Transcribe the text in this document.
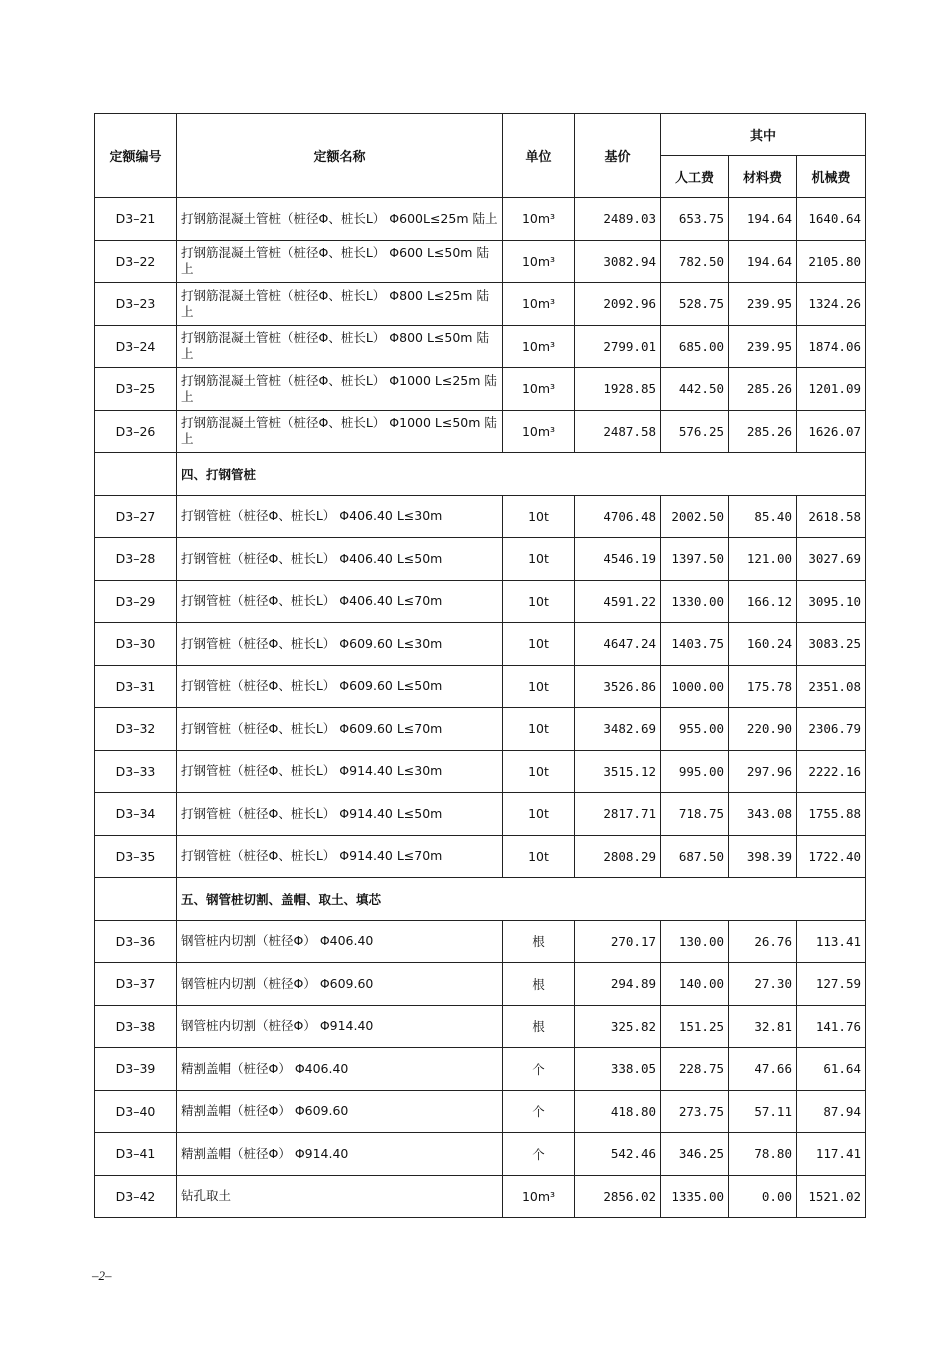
定额编号	定额名称	单位	基价	其中		
				人工费	材料费	机械费
D3–21	打钢筋混凝土管桩（桩径Φ、桩长L） Φ600L≤25m 陆上	10m³	2489.03	653.75	194.64	1640.64
D3–22	打钢筋混凝土管桩（桩径Φ、桩长L） Φ600 L≤50m 陆上	10m³	3082.94	782.50	194.64	2105.80
D3–23	打钢筋混凝土管桩（桩径Φ、桩长L） Φ800 L≤25m 陆上	10m³	2092.96	528.75	239.95	1324.26
D3–24	打钢筋混凝土管桩（桩径Φ、桩长L） Φ800 L≤50m 陆上	10m³	2799.01	685.00	239.95	1874.06
D3–25	打钢筋混凝土管桩（桩径Φ、桩长L） Φ1000 L≤25m 陆上	10m³	1928.85	442.50	285.26	1201.09
D3–26	打钢筋混凝土管桩（桩径Φ、桩长L） Φ1000 L≤50m 陆上	10m³	2487.58	576.25	285.26	1626.07
	四、打钢管桩					
D3–27	打钢管桩（桩径Φ、桩长L） Φ406.40 L≤30m	10t	4706.48	2002.50	85.40	2618.58
D3–28	打钢管桩（桩径Φ、桩长L） Φ406.40 L≤50m	10t	4546.19	1397.50	121.00	3027.69
D3–29	打钢管桩（桩径Φ、桩长L） Φ406.40 L≤70m	10t	4591.22	1330.00	166.12	3095.10
D3–30	打钢管桩（桩径Φ、桩长L） Φ609.60 L≤30m	10t	4647.24	1403.75	160.24	3083.25
D3–31	打钢管桩（桩径Φ、桩长L） Φ609.60 L≤50m	10t	3526.86	1000.00	175.78	2351.08
D3–32	打钢管桩（桩径Φ、桩长L） Φ609.60 L≤70m	10t	3482.69	955.00	220.90	2306.79
D3–33	打钢管桩（桩径Φ、桩长L） Φ914.40 L≤30m	10t	3515.12	995.00	297.96	2222.16
D3–34	打钢管桩（桩径Φ、桩长L） Φ914.40 L≤50m	10t	2817.71	718.75	343.08	1755.88
D3–35	打钢管桩（桩径Φ、桩长L） Φ914.40 L≤70m	10t	2808.29	687.50	398.39	1722.40
	五、钢管桩切割、盖帽、取土、填芯					
D3–36	钢管桩内切割（桩径Φ） Φ406.40	根	270.17	130.00	26.76	113.41
D3–37	钢管桩内切割（桩径Φ） Φ609.60	根	294.89	140.00	27.30	127.59
D3–38	钢管桩内切割（桩径Φ） Φ914.40	根	325.82	151.25	32.81	141.76
D3–39	精割盖帽（桩径Φ） Φ406.40	个	338.05	228.75	47.66	61.64
D3–40	精割盖帽（桩径Φ） Φ609.60	个	418.80	273.75	57.11	87.94
D3–41	精割盖帽（桩径Φ） Φ914.40	个	542.46	346.25	78.80	117.41
D3–42	钻孔取土	10m³	2856.02	1335.00	0.00	1521.02
–2–
